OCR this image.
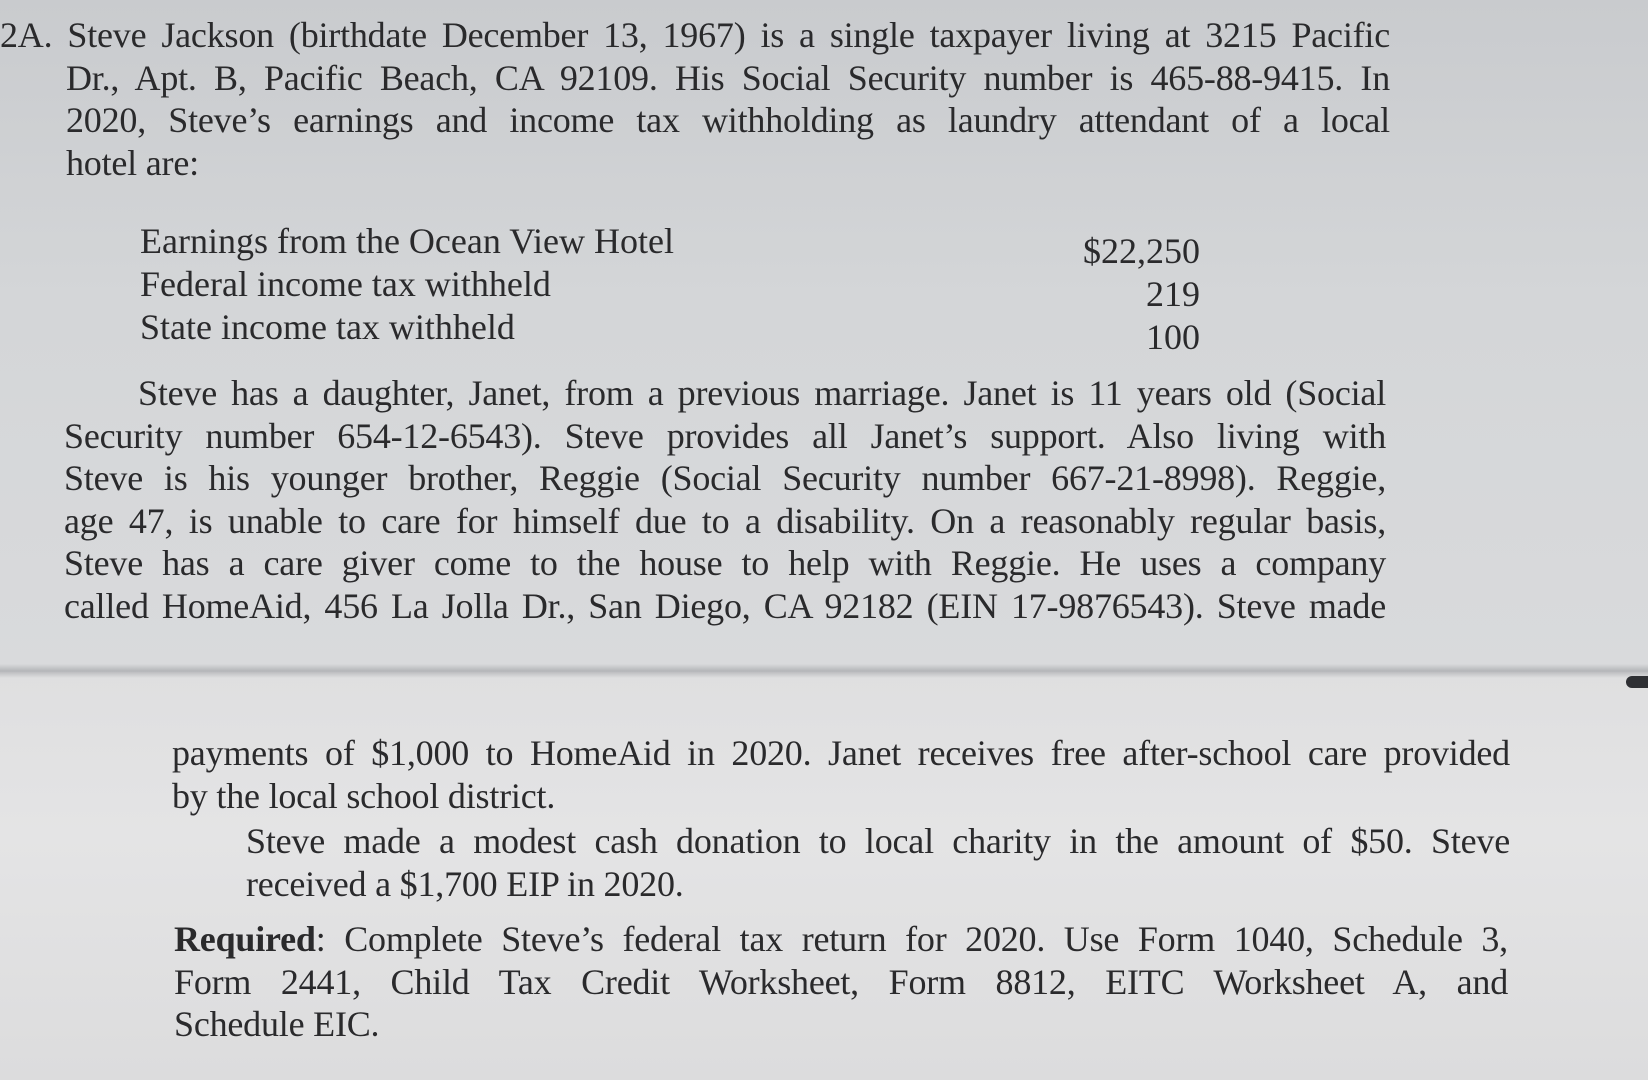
2A. Steve Jackson (birthdate December 13, 1967) is a single taxpayer living at 3215 Pacific
Dr., Apt. B, Pacific Beach, CA 92109. His Social Security number is 465-88-9415. In
2020, Steve’s earnings and income tax withholding as laundry attendant of a local
hotel are:
Earnings from the Ocean View Hotel	$22,250
Federal income tax withheld	219
State income tax withheld	100
Steve has a daughter, Janet, from a previous marriage. Janet is 11 years old (Social
Security number 654-12-6543). Steve provides all Janet’s support. Also living with
Steve is his younger brother, Reggie (Social Security number 667-21-8998). Reggie,
age 47, is unable to care for himself due to a disability. On a reasonably regular basis,
Steve has a care giver come to the house to help with Reggie. He uses a company
called HomeAid, 456 La Jolla Dr., San Diego, CA 92182 (EIN 17-9876543). Steve made
payments of $1,000 to HomeAid in 2020. Janet receives free after-school care provided
by the local school district.
Steve made a modest cash donation to local charity in the amount of $50. Steve
received a $1,700 EIP in 2020.
Required: Complete Steve’s federal tax return for 2020. Use Form 1040, Schedule 3,
Form 2441, Child Tax Credit Worksheet, Form 8812, EITC Worksheet A, and
Schedule EIC.
